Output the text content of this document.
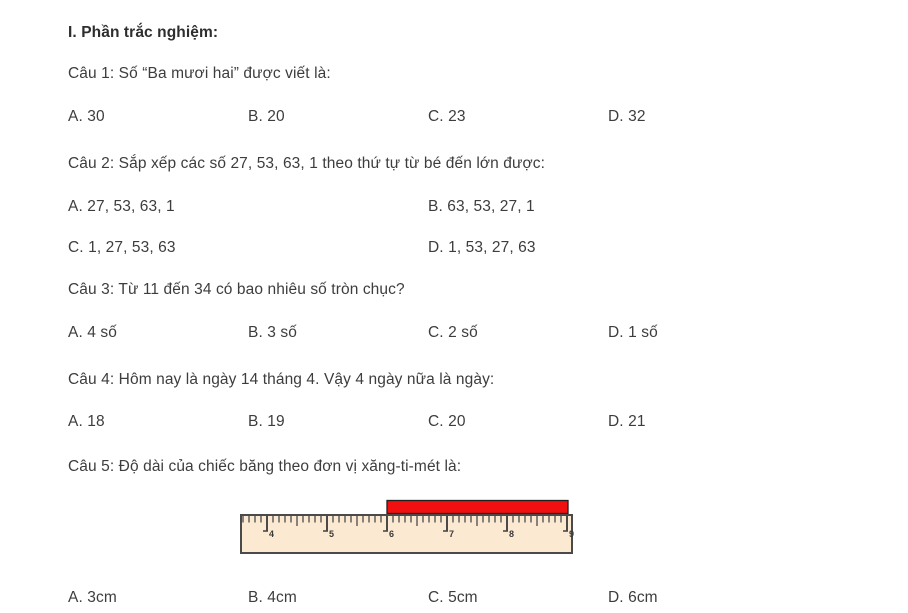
I. Phần trắc nghiệm:
Câu 1: Số “Ba mươi hai” được viết là:
A. 30	B. 20	C. 23	D. 32
Câu 2: Sắp xếp các số 27, 53, 63, 1 theo thứ tự từ bé đến lớn được:
A. 27, 53, 63, 1	B. 63, 53, 27, 1
C. 1, 27, 53, 63	D. 1, 53, 27, 63
Câu 3: Từ 11 đến 34 có bao nhiêu số tròn chục?
A. 4 số	B. 3 số	C. 2 số	D. 1 số
Câu 4: Hôm nay là ngày 14 tháng 4. Vậy 4 ngày nữa là ngày:
A. 18	B. 19	C. 20	D. 21
Câu 5: Độ dài của chiếc băng theo đơn vị xăng-ti-mét là:
4	5	6	7	8	9
A. 3cm	B. 4cm	C. 5cm	D. 6cm
